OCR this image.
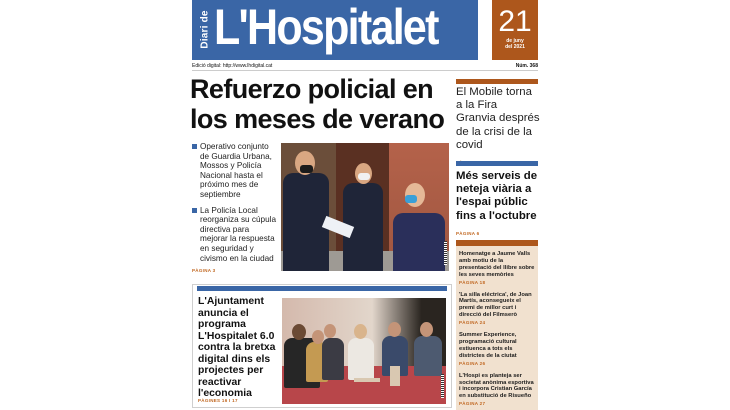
Diari de L'Hospitalet 21
de juny
del 2021
Edició digital: http://www.lhdigital.cat	Núm. 368
Refuerzo policial en los meses de verano
Operativo conjunto de Guardia Urbana, Mossos y Policía Nacional hasta el próximo mes de septiembre
La Policía Local reorganiza su cúpula directiva para mejorar la respuesta en seguridad y civismo en la ciudad
PÀGINA 3
El Mobile torna a la Fira Granvia després de la crisi de la covid
Més serveis de neteja viària a l'espai públic fins a l'octubre
PÀGINA 6
Homenatge a Jaume Valls amb motiu de la presentació del llibre sobre les seves memòries
PÀGINA 18
'La silla eléctrica', de Joan Martís, aconsegueix el premi de millor curt i direcció del Filmserò
PÀGINA 24
Summer Experience, programació cultural estiuenca a tots els districtes de la ciutat
PÀGINA 26
L'Hospi es planteja ser societat anònima esportiva i incorpora Cristian García en substitució de Risueño
PÀGINA 27
L'Ajuntament anuncia el programa L'Hospitalet 6.0 contra la bretxa digital dins els projectes per reactivar l'economia
PÀGINES 16 I 17
